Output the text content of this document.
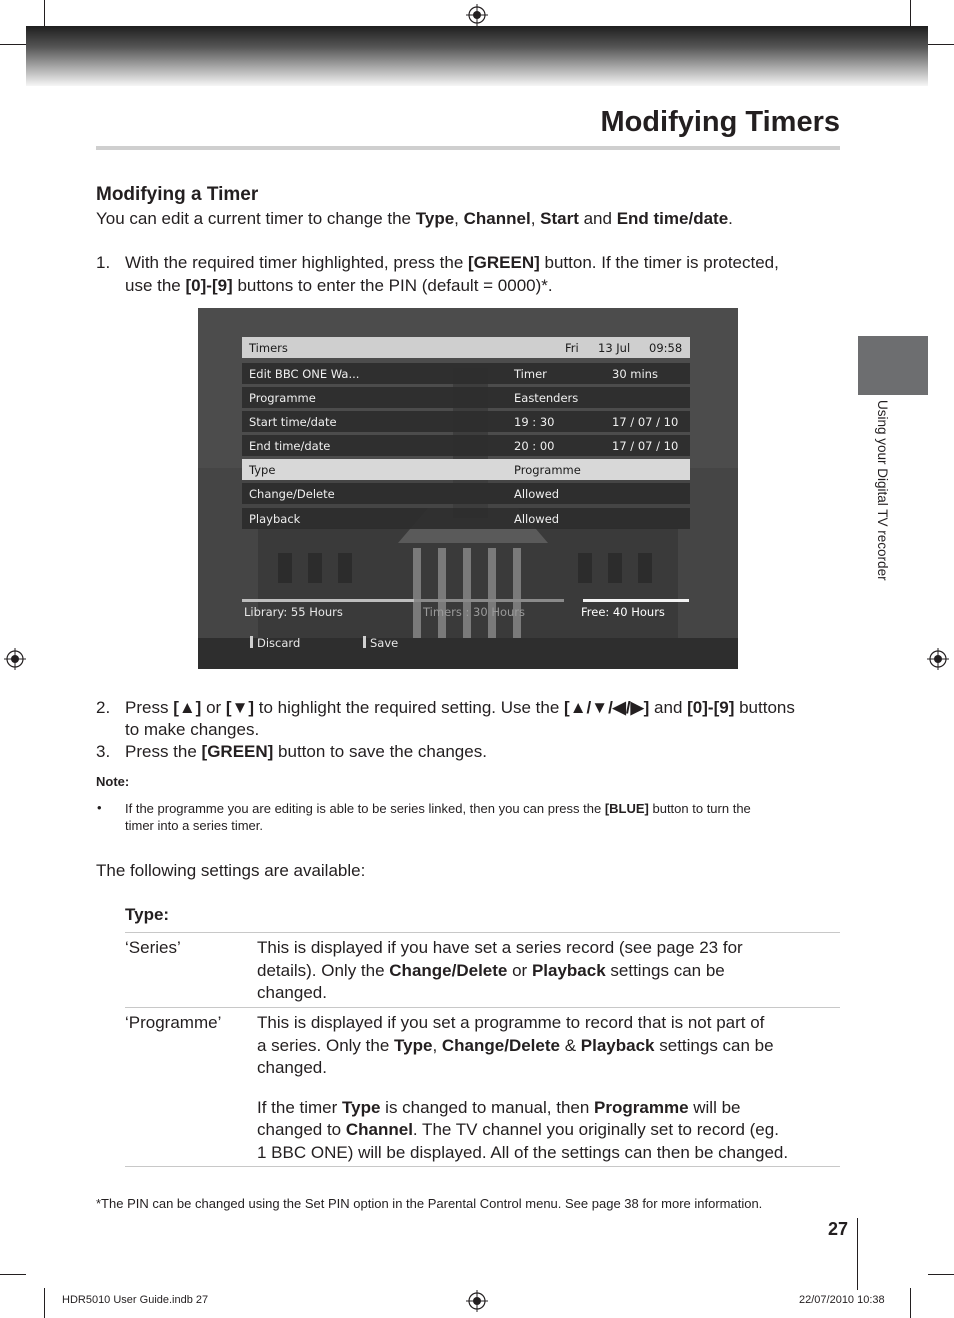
Modifying Timers
Using your Digital TV recorder
Modifying a Timer
You can edit a current timer to change the Type, Channel, Start and End time/date.
1. With the required timer highlighted, press the [GREEN] button. If the timer is protected,
use the [0]-[9] buttons to enter the PIN (default = 0000)*.
Timers	Fri 13 Jul 09:58
Edit BBC ONE Wa...	Timer	30 mins
Programme	Eastenders
Start time/date	19 : 30	17 / 07 / 10
End time/date	20 : 00	17 / 07 / 10
Type	Programme
Change/Delete	Allowed
Playback	Allowed
Library: 55 Hours	Timers : 30 Hours	Free: 40 Hours
Discard	Save
2. Press [▲] or [▼] to highlight the required setting. Use the [▲/▼/◀/▶] and [0]-[9] buttons
to make changes.
3. Press the [GREEN] button to save the changes.
Note:
• If the programme you are editing is able to be series linked, then you can press the [BLUE] button to turn the
timer into a series timer.
The following settings are available:
Type:
‘Series’	This is displayed if you have set a series record (see page 23 for
details). Only the Change/Delete or Playback settings can be
changed.
‘Programme’ This is displayed if you set a programme to record that is not part of
a series. Only the Type, Change/Delete & Playback settings can be
changed.
If the timer Type is changed to manual, then Programme will be
changed to Channel. The TV channel you originally set to record (eg.
1 BBC ONE) will be displayed. All of the settings can then be changed.
*The PIN can be changed using the Set PIN option in the Parental Control menu. See page 38 for more information.
27
HDR5010 User Guide.indb 27	22/07/2010 10:38
